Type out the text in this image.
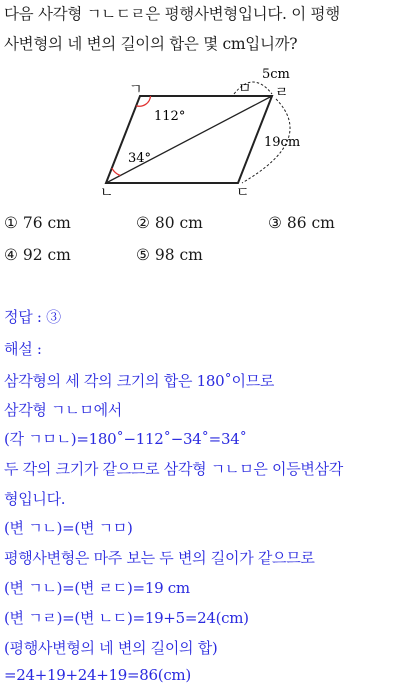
다음 사각형 ㄱㄴㄷㄹ은 평행사변형입니다. 이 평행
사변형의 네 변의 길이의 합은 몇 cm입니까?
ㄱ
ㄴ	ㄷ
ㅁ ㄹ
112°
34°
5cm
19cm
① 76 cm	② 80 cm	③ 86 cm
④ 92 cm	⑤ 98 cm
정답 : ③
해설 :
삼각형의 세 각의 크기의 합은 180˚이므로
삼각형 ㄱㄴㅁ에서
(각 ㄱㅁㄴ)=180˚−112˚−34˚=34˚
두 각의 크기가 같으므로 삼각형 ㄱㄴㅁ은 이등변삼각
형입니다.
(변 ㄱㄴ)=(변 ㄱㅁ)
평행사변형은 마주 보는 두 변의 길이가 같으므로
(변 ㄱㄴ)=(변 ㄹㄷ)=19 cm
(변 ㄱㄹ)=(변 ㄴㄷ)=19+5=24(cm)
(평행사변형의 네 변의 길이의 합)
=24+19+24+19=86(cm)
